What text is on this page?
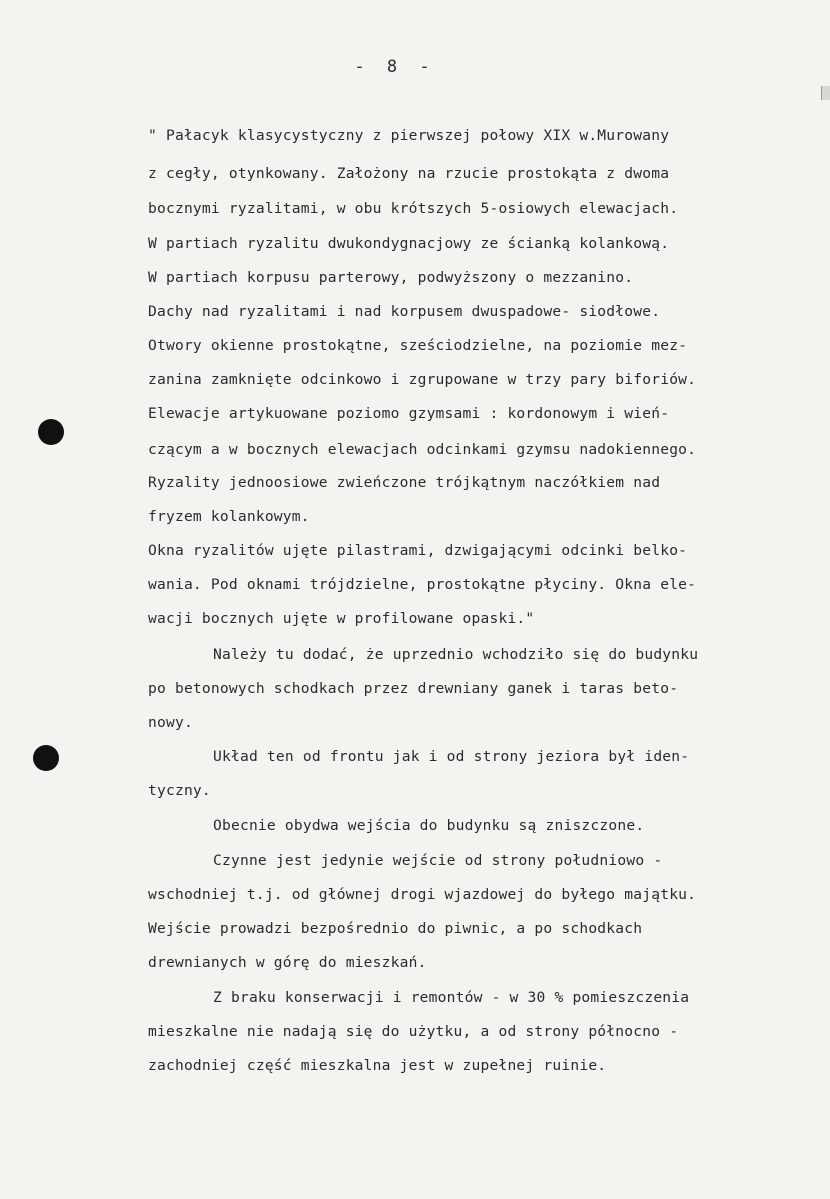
- 8 -
" Pałacyk klasycystyczny z pierwszej połowy XIX w.Murowany
z cegły, otynkowany. Założony na rzucie prostokąta z dwoma
bocznymi ryzalitami, w obu krótszych 5-osiowych elewacjach.
W partiach ryzalitu dwukondygnacjowy ze ścianką kolankową.
W partiach korpusu parterowy, podwyższony o mezzanino.
Dachy nad ryzalitami i nad korpusem dwuspadowe- siodłowe.
Otwory okienne prostokątne, sześciodzielne, na poziomie mez-
zanina zamknięte odcinkowo i zgrupowane w trzy pary biforiów.
Elewacje artykuowane poziomo gzymsami : kordonowym i wień-
czącym a w bocznych elewacjach odcinkami gzymsu nadokiennego.
Ryzality jednoosiowe zwieńczone trójkątnym naczółkiem nad
fryzem kolankowym.
Okna ryzalitów ujęte pilastrami, dzwigającymi odcinki belko-
wania. Pod oknami trójdzielne, prostokątne płyciny. Okna ele-
wacji bocznych ujęte w profilowane opaski."
Należy tu dodać, że uprzednio wchodziło się do budynku
po betonowych schodkach przez drewniany ganek i taras beto-
nowy.
Układ ten od frontu jak i od strony jeziora był iden-
tyczny.
Obecnie obydwa wejścia do budynku są zniszczone.
Czynne jest jedynie wejście od strony południowo -
wschodniej t.j. od głównej drogi wjazdowej do byłego majątku.
Wejście prowadzi bezpośrednio do piwnic, a po schodkach
drewnianych w górę do mieszkań.
Z braku konserwacji i remontów - w 30 % pomieszczenia
mieszkalne nie nadają się do użytku, a od strony północno -
zachodniej część mieszkalna jest w zupełnej ruinie.
